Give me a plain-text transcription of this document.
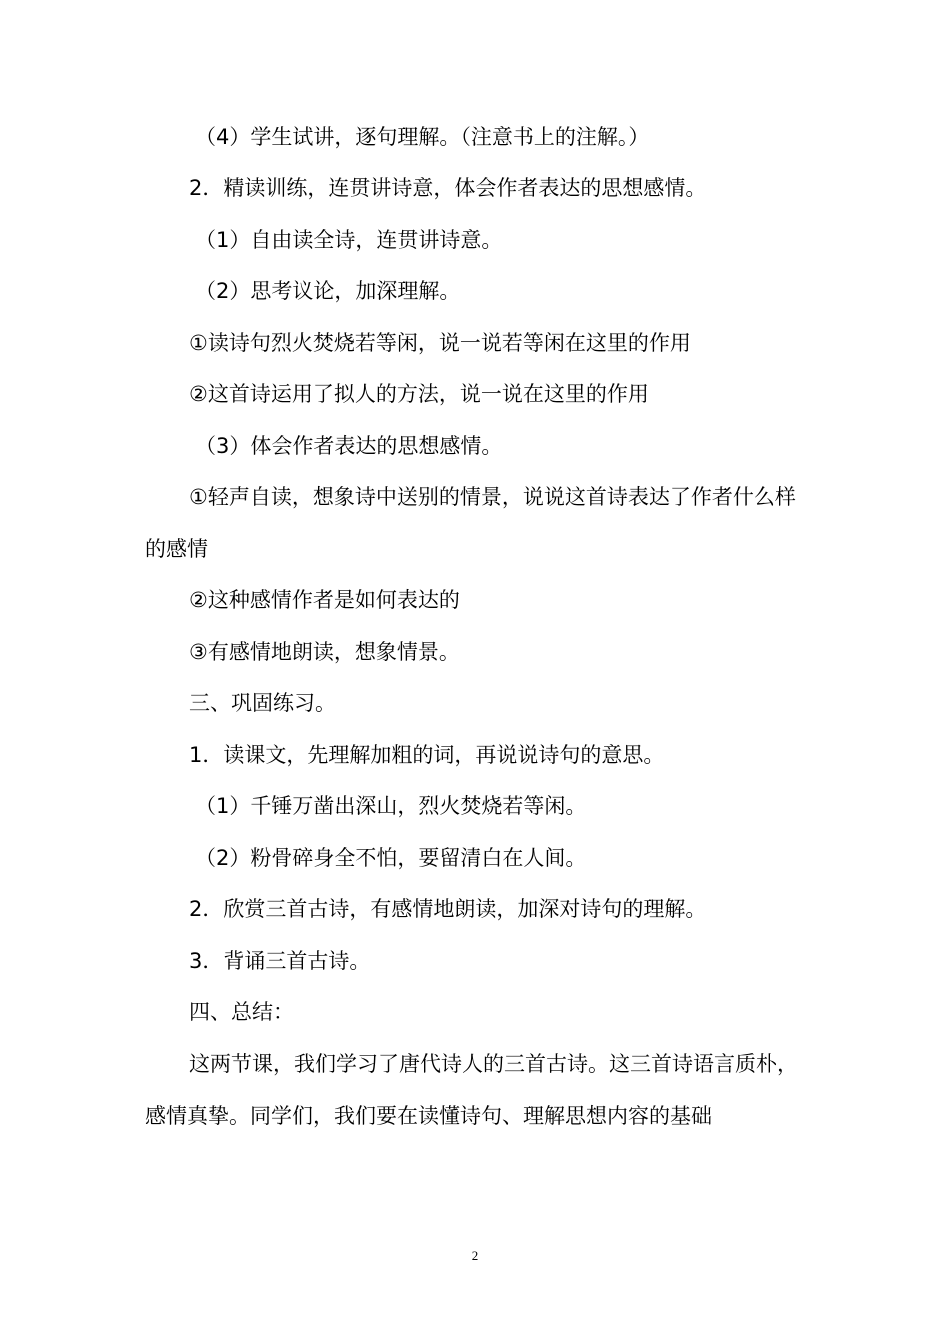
（4）学生试讲，逐句理解。（注意书上的注解。）

2．精读训练，连贯讲诗意，体会作者表达的思想感情。

（1）自由读全诗，连贯讲诗意。

（2）思考议论，加深理解。

①读诗句烈火焚烧若等闲，说一说若等闲在这里的作用

②这首诗运用了拟人的方法，说一说在这里的作用

（3）体会作者表达的思想感情。

①轻声自读，想象诗中送别的情景，说说这首诗表达了作者什么样的感情

②这种感情作者是如何表达的

③有感情地朗读，想象情景。

三、巩固练习。

1．读课文，先理解加粗的词，再说说诗句的意思。

（1）千锤万凿出深山，烈火焚烧若等闲。

（2）粉骨碎身全不怕，要留清白在人间。

2．欣赏三首古诗，有感情地朗读，加深对诗句的理解。

3．背诵三首古诗。

四、总结：

这两节课，我们学习了唐代诗人的三首古诗。这三首诗语言质朴，感情真挚。同学们，我们要在读懂诗句、理解思想内容的基础

2
